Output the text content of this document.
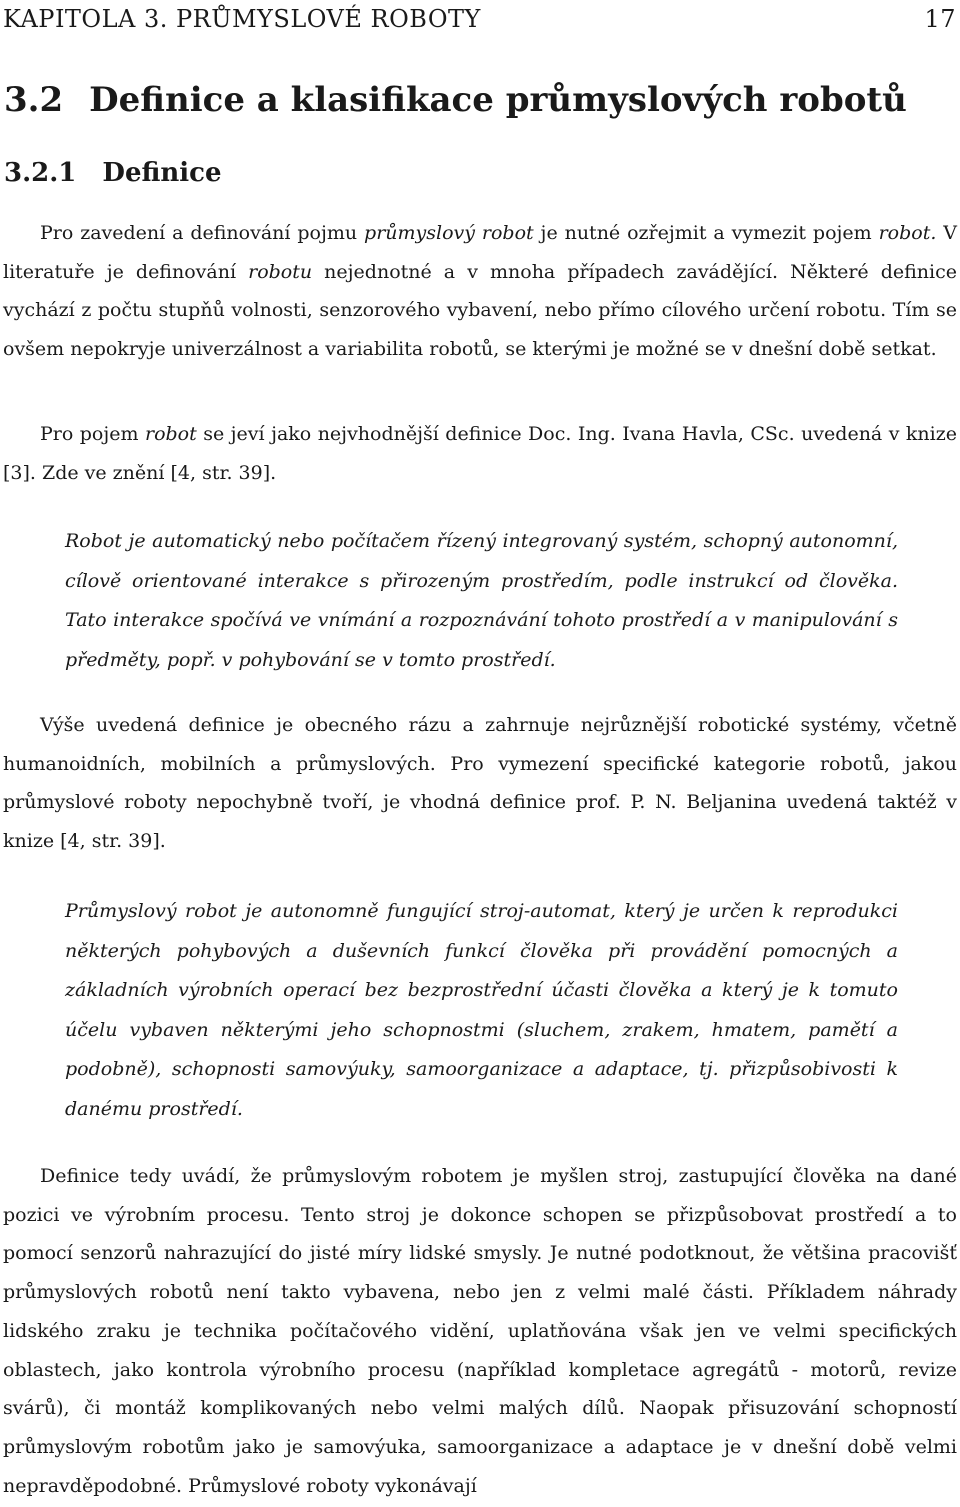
KAPITOLA 3. PRŮMYSLOVÉ ROBOTY	17
3.2 Definice a klasifikace průmyslových robotů
3.2.1 Definice

Pro zavedení a definování pojmu průmyslový robot je nutné ozřejmit a vymezit pojem robot. V literatuře je definování robotu nejednotné a v mnoha případech zavádějící. Některé definice vychází z počtu stupňů volnosti, senzorového vybavení, nebo přímo cílového určení robotu. Tím se ovšem nepokryje univerzálnost a variabilita robotů, se kterými je možné se v dnešní době setkat.

Pro pojem robot se jeví jako nejvhodnější definice Doc. Ing. Ivana Havla, CSc. uvedená v knize [3]. Zde ve znění [4, str. 39].

Robot je automatický nebo počítačem řízený integrovaný systém, schopný autonomní, cílově orientované interakce s přirozeným prostředím, podle instrukcí od člověka. Tato interakce spočívá ve vnímání a rozpoznávání tohoto prostředí a v manipulování s předměty, popř. v pohybování se v tomto prostředí.

Výše uvedená definice je obecného rázu a zahrnuje nejrůznější robotické systémy, včetně humanoidních, mobilních a průmyslových. Pro vymezení specifické kategorie robotů, jakou průmyslové roboty nepochybně tvoří, je vhodná definice prof. P. N. Beljanina uvedená taktéž v knize [4, str. 39].

Průmyslový robot je autonomně fungující stroj-automat, který je určen k reprodukci některých pohybových a duševních funkcí člověka při provádění pomocných a základních výrobních operací bez bezprostřední účasti člověka a který je k tomuto účelu vybaven některými jeho schopnostmi (sluchem, zrakem, hmatem, pamětí a podobně), schopnosti samovýuky, samoorganizace a adaptace, tj. přizpůsobivosti k danému prostředí.

Definice tedy uvádí, že průmyslovým robotem je myšlen stroj, zastupující člověka na dané pozici ve výrobním procesu. Tento stroj je dokonce schopen se přizpůsobovat prostředí a to pomocí senzorů nahrazující do jisté míry lidské smysly. Je nutné podotknout, že většina pracovišť průmyslových robotů není takto vybavena, nebo jen z velmi malé části. Příkladem náhrady lidského zraku je technika počítačového vidění, uplatňována však jen ve velmi specifických oblastech, jako kontrola výrobního procesu (například kompletace agregátů - motorů, revize svárů), či montáž komplikovaných nebo velmi malých dílů. Naopak přisuzování schopností průmyslovým robotům jako je samovýuka, samoorganizace a adaptace je v dnešní době velmi nepravděpodobné. Průmyslové roboty vykonávají
